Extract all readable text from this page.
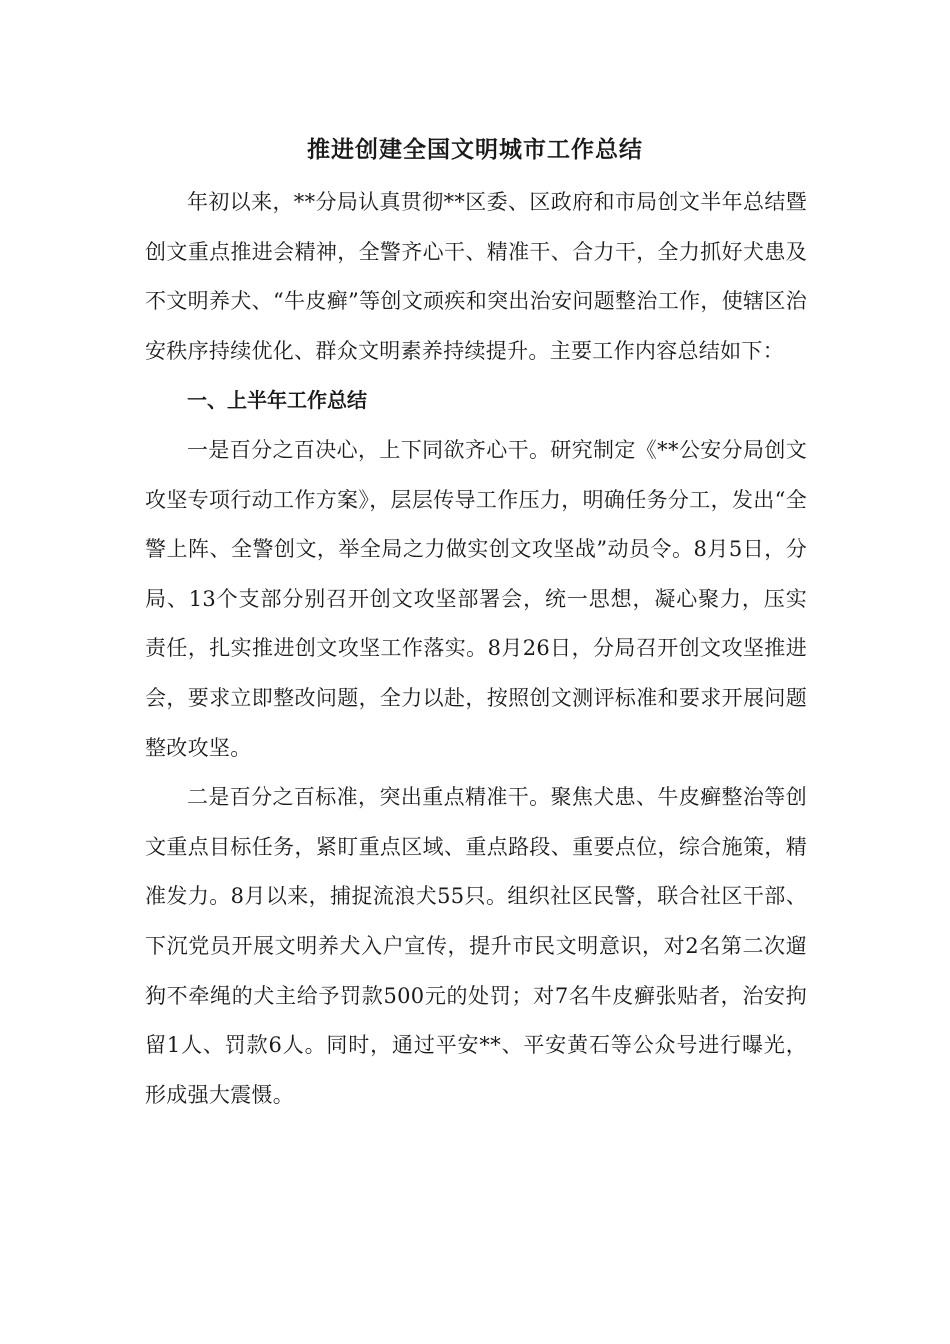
推进创建全国文明城市工作总结

年初以来，**分局认真贯彻**区委、区政府和市局创文半年总结暨创文重点推进会精神，全警齐心干、精准干、合力干，全力抓好犬患及不文明养犬、“牛皮癣”等创文顽疾和突出治安问题整治工作，使辖区治安秩序持续优化、群众文明素养持续提升。主要工作内容总结如下：

一、上半年工作总结

一是百分之百决心，上下同欲齐心干。研究制定《**公安分局创文攻坚专项行动工作方案》，层层传导工作压力，明确任务分工，发出“全警上阵、全警创文，举全局之力做实创文攻坚战”动员令。8月5日，分局、13个支部分别召开创文攻坚部署会，统一思想，凝心聚力，压实责任，扎实推进创文攻坚工作落实。8月26日，分局召开创文攻坚推进会，要求立即整改问题，全力以赴，按照创文测评标准和要求开展问题整改攻坚。

二是百分之百标准，突出重点精准干。聚焦犬患、牛皮癣整治等创文重点目标任务，紧盯重点区域、重点路段、重要点位，综合施策，精准发力。8月以来，捕捉流浪犬55只。组织社区民警，联合社区干部、下沉党员开展文明养犬入户宣传，提升市民文明意识，对2名第二次遛狗不牵绳的犬主给予罚款500元的处罚；对7名牛皮癣张贴者，治安拘留1人、罚款6人。同时，通过平安**、平安黄石等公众号进行曝光，形成强大震慑。
